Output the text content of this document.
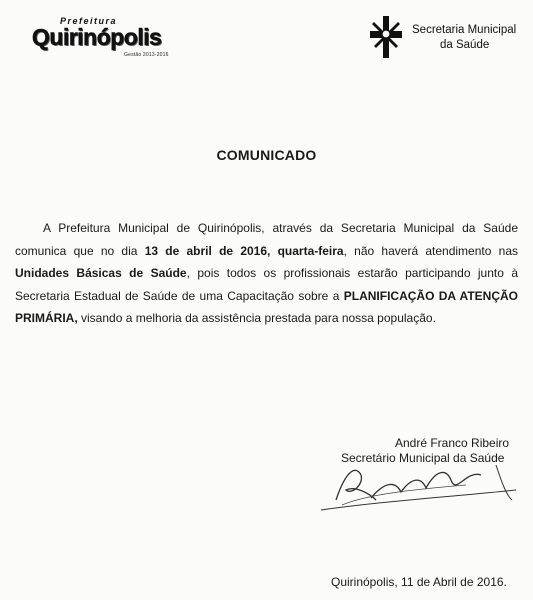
Prefeitura
Quirinópolis
Gestão 2013-2016
Secretaria Municipal
da Saúde
COMUNICADO
A Prefeitura Municipal de Quirinópolis, através da Secretaria Municipal da Saúde comunica que no dia 13 de abril de 2016, quarta-feira, não haverá atendimento nas Unidades Básicas de Saúde, pois todos os profissionais estarão participando junto à Secretaria Estadual de Saúde de uma Capacitação sobre a PLANIFICAÇÃO DA ATENÇÃO PRIMÁRIA, visando a melhoria da assistência prestada para nossa população.
André Franco Ribeiro
Secretário Municipal da Saúde
Quirinópolis, 11 de Abril de 2016.
